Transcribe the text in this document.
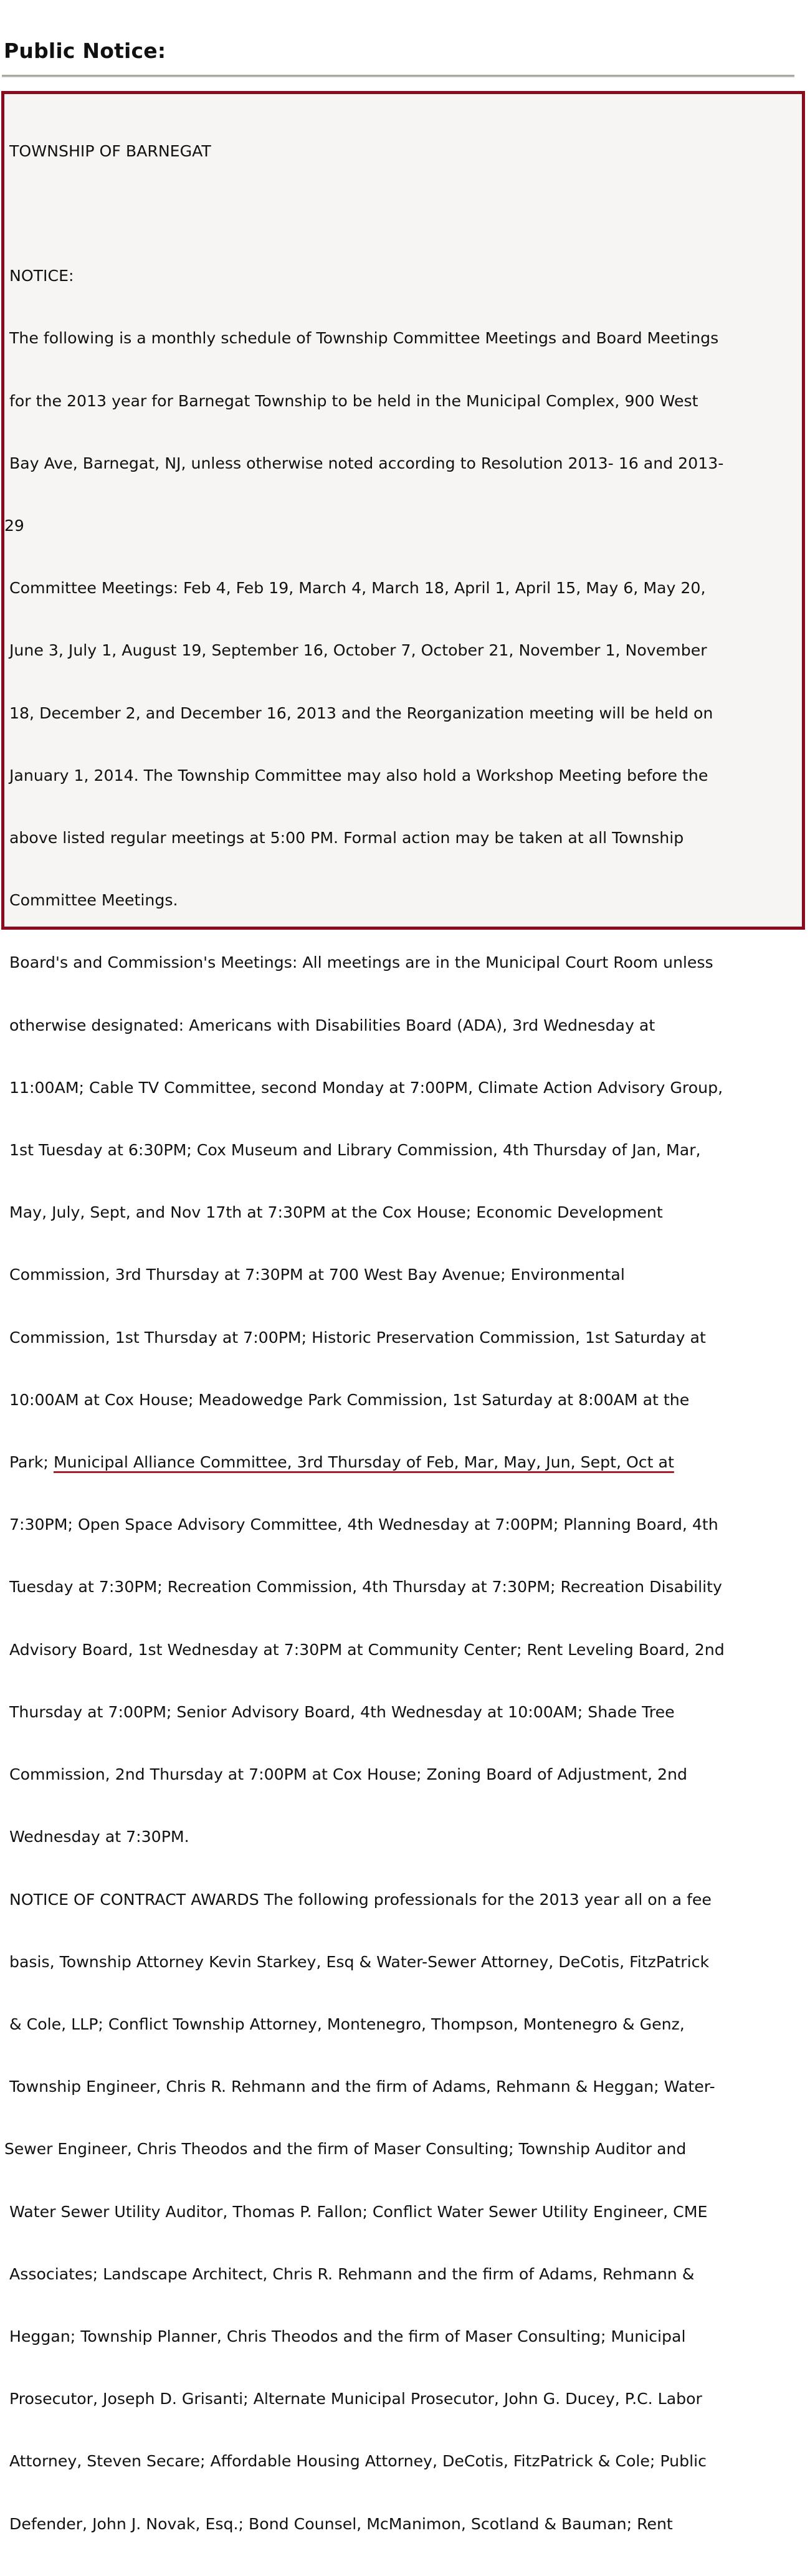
Public Notice:

TOWNSHIP OF BARNEGAT

NOTICE:

The following is a monthly schedule of Township Committee Meetings and Board Meetings

for the 2013 year for Barnegat Township to be held in the Municipal Complex, 900 West

Bay Ave, Barnegat, NJ, unless otherwise noted according to Resolution 2013- 16 and 2013-

29

Committee Meetings: Feb 4, Feb 19, March 4, March 18, April 1, April 15, May 6, May 20,

June 3, July 1, August 19, September 16, October 7, October 21, November 1, November

18, December 2, and December 16, 2013 and the Reorganization meeting will be held on

January 1, 2014. The Township Committee may also hold a Workshop Meeting before the

above listed regular meetings at 5:00 PM. Formal action may be taken at all Township

Committee Meetings.

Board's and Commission's Meetings: All meetings are in the Municipal Court Room unless

otherwise designated: Americans with Disabilities Board (ADA), 3rd Wednesday at

11:00AM; Cable TV Committee, second Monday at 7:00PM, Climate Action Advisory Group,

1st Tuesday at 6:30PM; Cox Museum and Library Commission, 4th Thursday of Jan, Mar,

May, July, Sept, and Nov 17th at 7:30PM at the Cox House; Economic Development

Commission, 3rd Thursday at 7:30PM at 700 West Bay Avenue; Environmental

Commission, 1st Thursday at 7:00PM; Historic Preservation Commission, 1st Saturday at

10:00AM at Cox House; Meadowedge Park Commission, 1st Saturday at 8:00AM at the

Park; Municipal Alliance Committee, 3rd Thursday of Feb, Mar, May, Jun, Sept, Oct at

7:30PM; Open Space Advisory Committee, 4th Wednesday at 7:00PM; Planning Board, 4th

Tuesday at 7:30PM; Recreation Commission, 4th Thursday at 7:30PM; Recreation Disability

Advisory Board, 1st Wednesday at 7:30PM at Community Center; Rent Leveling Board, 2nd

Thursday at 7:00PM; Senior Advisory Board, 4th Wednesday at 10:00AM; Shade Tree

Commission, 2nd Thursday at 7:00PM at Cox House; Zoning Board of Adjustment, 2nd

Wednesday at 7:30PM.

NOTICE OF CONTRACT AWARDS The following professionals for the 2013 year all on a fee

basis, Township Attorney Kevin Starkey, Esq & Water-Sewer Attorney, DeCotis, FitzPatrick

& Cole, LLP; Conflict Township Attorney, Montenegro, Thompson, Montenegro & Genz,

Township Engineer, Chris R. Rehmann and the firm of Adams, Rehmann & Heggan; Water-

Sewer Engineer, Chris Theodos and the firm of Maser Consulting; Township Auditor and

Water Sewer Utility Auditor, Thomas P. Fallon; Conflict Water Sewer Utility Engineer, CME

Associates; Landscape Architect, Chris R. Rehmann and the firm of Adams, Rehmann &

Heggan; Township Planner, Chris Theodos and the firm of Maser Consulting; Municipal

Prosecutor, Joseph D. Grisanti; Alternate Municipal Prosecutor, John G. Ducey, P.C. Labor

Attorney, Steven Secare; Affordable Housing Attorney, DeCotis, FitzPatrick & Cole; Public

Defender, John J. Novak, Esq.; Bond Counsel, McManimon, Scotland & Bauman; Rent
